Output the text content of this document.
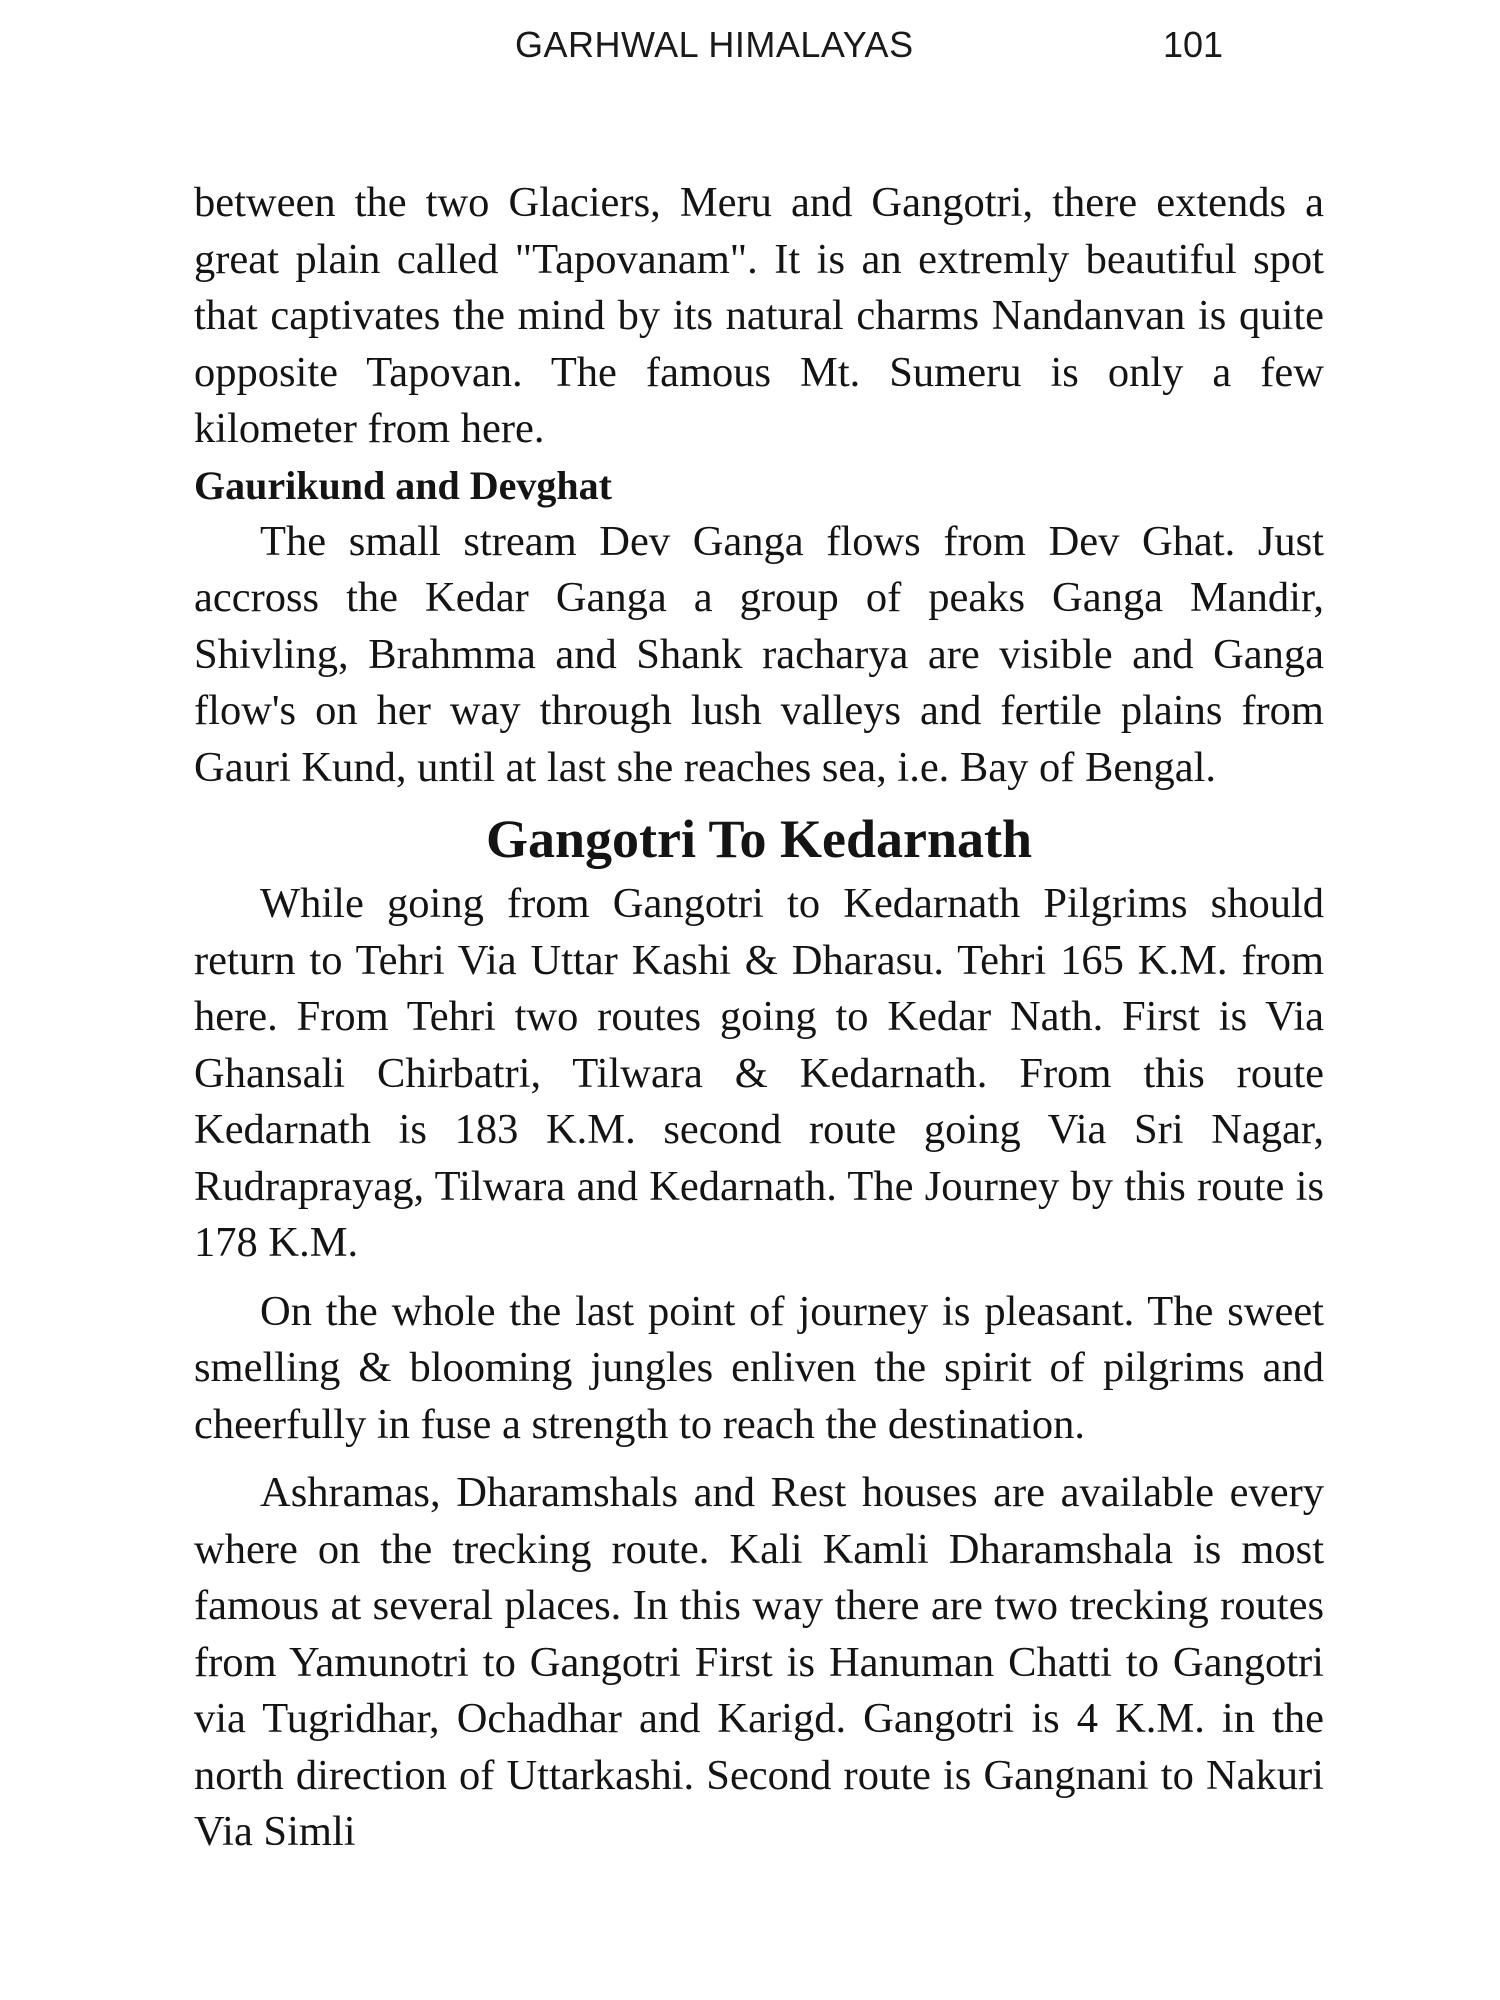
GARHWAL HIMALAYAS	101

between the two Glaciers, Meru and Gangotri, there extends a great plain called "Tapovanam". It is an extremly beautiful spot that captivates the mind by its natural charms Nandanvan is quite opposite Tapovan. The famous Mt. Sumeru is only a few kilometer from here.

Gaurikund and Devghat

The small stream Dev Ganga flows from Dev Ghat. Just accross the Kedar Ganga a group of peaks Ganga Mandir, Shivling, Brahmma and Shank racharya are visible and Ganga flow's on her way through lush valleys and fertile plains from Gauri Kund, until at last she reaches sea, i.e. Bay of Bengal.

Gangotri To Kedarnath

While going from Gangotri to Kedarnath Pilgrims should return to Tehri Via Uttar Kashi & Dharasu. Tehri 165 K.M. from here. From Tehri two routes going to Kedar Nath. First is Via Ghansali Chirbatri, Tilwara & Kedarnath. From this route Kedarnath is 183 K.M. second route going Via Sri Nagar, Rudraprayag, Tilwara and Kedarnath. The Journey by this route is 178 K.M.

On the whole the last point of journey is pleasant. The sweet smelling & blooming jungles enliven the spirit of pilgrims and cheerfully in fuse a strength to reach the destination.

Ashramas, Dharamshals and Rest houses are available every where on the trecking route. Kali Kamli Dharamshala is most famous at several places. In this way there are two trecking routes from Yamunotri to Gangotri First is Hanuman Chatti to Gangotri via Tugridhar, Ochadhar and Karigd. Gangotri is 4 K.M. in the north direction of Uttarkashi. Second route is Gangnani to Nakuri Via Simli
